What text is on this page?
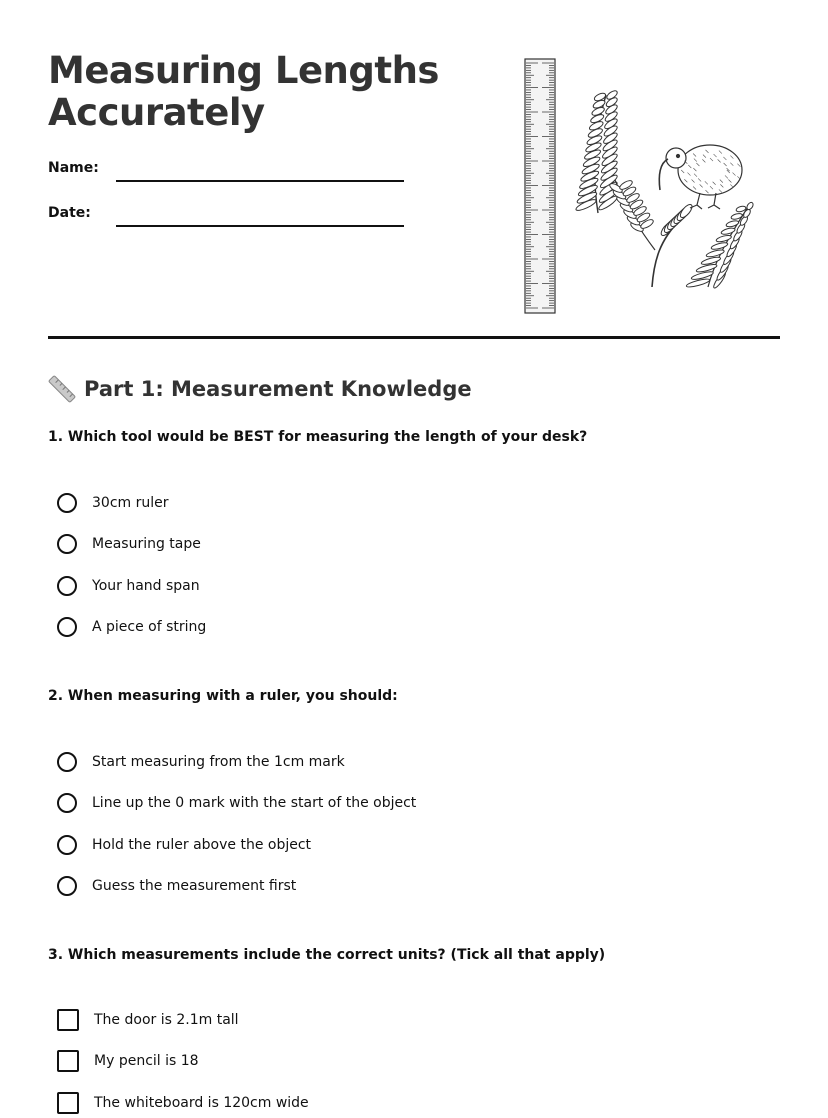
Measuring Lengths
Accurately
Name:
Date:
Part 1: Measurement Knowledge
1. Which tool would be BEST for measuring the length of your desk?
30cm ruler
Measuring tape
Your hand span
A piece of string
2. When measuring with a ruler, you should:
Start measuring from the 1cm mark
Line up the 0 mark with the start of the object
Hold the ruler above the object
Guess the measurement first
3. Which measurements include the correct units? (Tick all that apply)
The door is 2.1m tall
My pencil is 18
The whiteboard is 120cm wide
